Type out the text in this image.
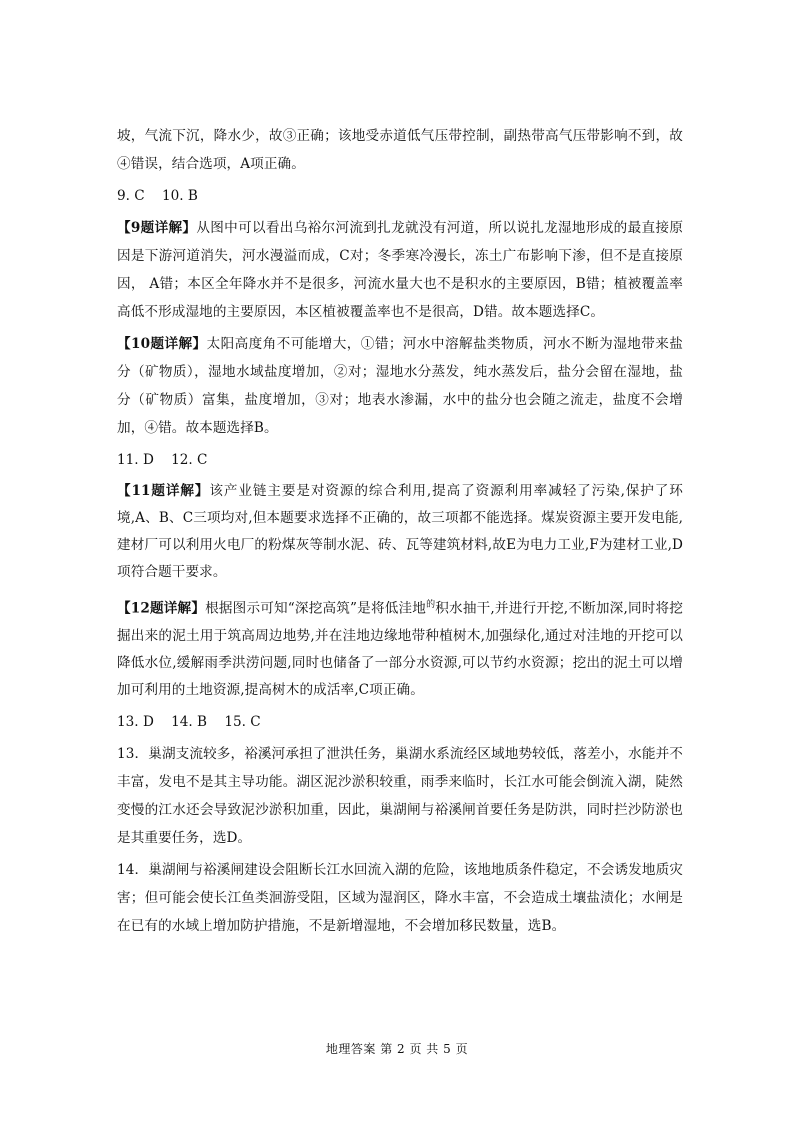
坡，气流下沉，降水少，故③正确；该地受赤道低气压带控制，副热带高气压带影响不到，故④错误，结合选项，A项正确。

9. C    10. B

【9题详解】从图中可以看出乌裕尔河流到扎龙就没有河道，所以说扎龙湿地形成的最直接原因是下游河道消失，河水漫溢而成，C对；冬季寒冷漫长，冻土广布影响下渗，但不是直接原因， A错；本区全年降水并不是很多，河流水量大也不是积水的主要原因，B错；植被覆盖率高低不形成湿地的主要原因，本区植被覆盖率也不是很高，D错。故本题选择C。

【10题详解】太阳高度角不可能增大，①错；河水中溶解盐类物质，河水不断为湿地带来盐分（矿物质），湿地水域盐度增加，②对；湿地水分蒸发，纯水蒸发后，盐分会留在湿地，盐分（矿物质）富集，盐度增加，③对；地表水渗漏，水中的盐分也会随之流走，盐度不会增加，④错。故本题选择B。

11. D    12. C

【11题详解】该产业链主要是对资源的综合利用,提高了资源利用率减轻了污染,保护了环境,A、B、C三项均对,但本题要求选择不正确的，故三项都不能选择。煤炭资源主要开发电能,建材厂可以利用火电厂的粉煤灰等制水泥、砖、瓦等建筑材料,故E为电力工业,F为建材工业,D项符合题干要求。

【12题详解】根据图示可知“深挖高筑”是将低洼地$^的$积水抽干,并进行开挖,不断加深,同时将挖掘出来的泥土用于筑高周边地势,并在洼地边缘地带种植树木,加强绿化,通过对洼地的开挖可以降低水位,缓解雨季洪涝问题,同时也储备了一部分水资源,可以节约水资源；挖出的泥土可以增加可利用的土地资源,提高树木的成活率,C项正确。

13. D    14. B    15. C

13．巢湖支流较多，裕溪河承担了泄洪任务，巢湖水系流经区域地势较低，落差小，水能并不丰富，发电不是其主导功能。湖区泥沙淤积较重，雨季来临时，长江水可能会倒流入湖，陡然变慢的江水还会导致泥沙淤积加重，因此，巢湖闸与裕溪闸首要任务是防洪，同时拦沙防淤也是其重要任务，选D。

14．巢湖闸与裕溪闸建设会阻断长江水回流入湖的危险，该地地质条件稳定，不会诱发地质灾害；但可能会使长江鱼类洄游受阻，区域为湿润区，降水丰富，不会造成土壤盐渍化；水闸是在已有的水域上增加防护措施，不是新增湿地，不会增加移民数量，选B。

地理答案 第 2 页 共 5 页
